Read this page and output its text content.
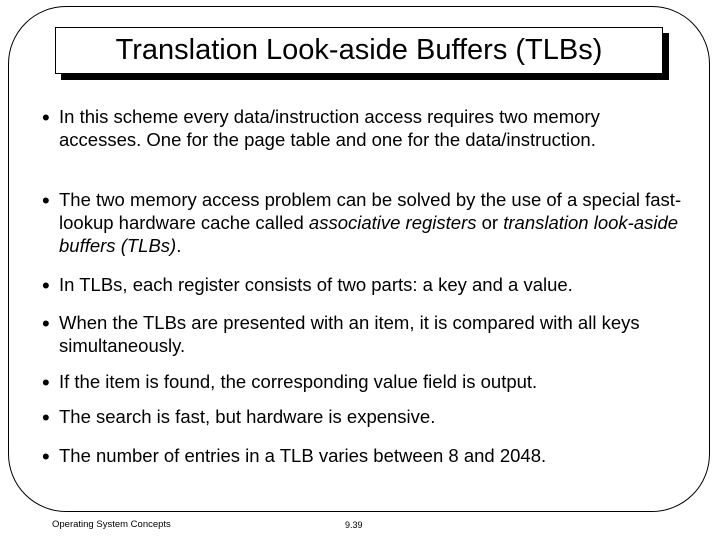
Translation Look-aside Buffers (TLBs)
• In this scheme every data/instruction access requires two memory accesses. One for the page table and one for the data/instruction.
• The two memory access problem can be solved by the use of a special fast-lookup hardware cache called associative registers or translation look-aside buffers (TLBs).
• In TLBs, each register consists of two parts: a key and a value.
• When the TLBs are presented with an item, it is compared with all keys simultaneously.
• If the item is found, the corresponding value field is output.
• The search is fast, but hardware is expensive.
• The number of entries in a TLB varies between 8 and 2048.
Operating System Concepts	9.39
